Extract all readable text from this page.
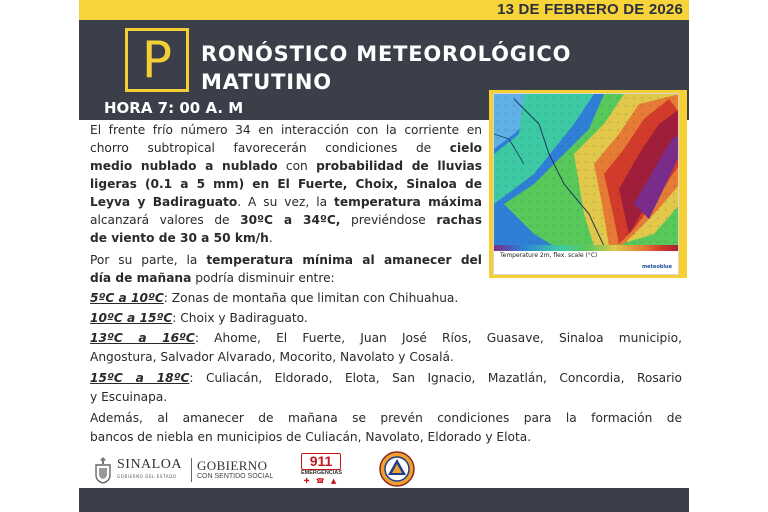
13 DE FEBRERO DE 2026
P	RONÓSTICO METEOROLÓGICO
MATUTINO
HORA 7: 00 A. M
Temperature 2m, flex. scale (°C)
meteoblue
El frente frío número 34 en interacción con la corriente en
chorro subtropical favorecerán condiciones de cielo
medio nublado a nublado con probabilidad de lluvias
ligeras (0.1 a 5 mm) en El Fuerte, Choix, Sinaloa de
Leyva y Badiraguato. A su vez, la temperatura máxima
alcanzará valores de 30ºC a 34ºC, previéndose rachas
de viento de 30 a 50 km/h.
Por su parte, la temperatura mínima al amanecer del
día de mañana podría disminuir entre:
5ºC a 10ºC: Zonas de montaña que limitan con Chihuahua.
10ºC a 15ºC: Choix y Badiraguato.
13ºC a 16ºC: Ahome, El Fuerte, Juan José Ríos, Guasave, Sinaloa municipio,
Angostura, Salvador Alvarado, Mocorito, Navolato y Cosalá.
15ºC a 18ºC: Culiacán, Eldorado, Elota, San Ignacio, Mazatlán, Concordia, Rosario
y Escuinapa.
Además, al amanecer de mañana se prevén condiciones para la formación de
bancos de niebla en municipios de Culiacán, Navolato, Eldorado y Elota.
SINALOA
GOBIERNO DEL ESTADO
GOBIERNO
CON SENTIDO SOCIAL
911
EMERGENCIAS
✚ ☎ ▲
